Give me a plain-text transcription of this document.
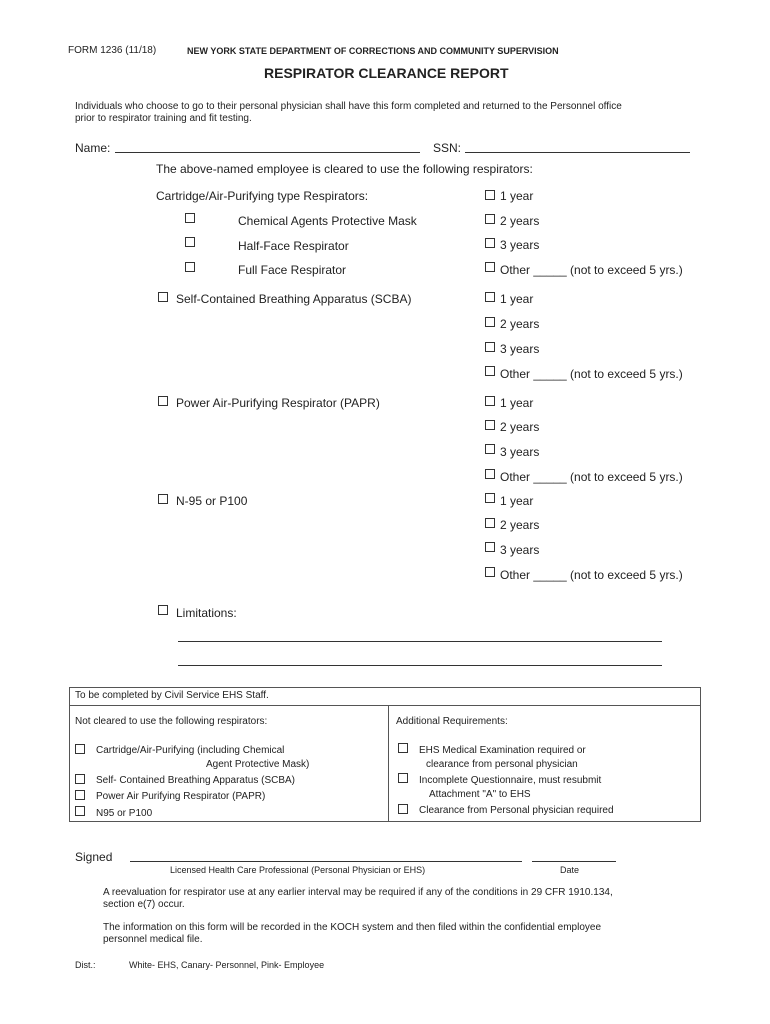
FORM 1236 (11/18)	NEW YORK STATE DEPARTMENT OF CORRECTIONS AND COMMUNITY SUPERVISION
RESPIRATOR CLEARANCE REPORT
Individuals who choose to go to their personal physician shall have this form completed and returned to the Personnel office
prior to respirator training and fit testing.
Name:	SSN:
The above-named employee is cleared to use the following respirators:
Cartridge/Air-Purifying type Respirators:
Chemical Agents Protective Mask
Half-Face Respirator
Full Face Respirator
1 year
2 years
3 years
Other _____ (not to exceed 5 yrs.)
Self-Contained Breathing Apparatus (SCBA)	1 year
2 years
3 years
Other _____ (not to exceed 5 yrs.)
Power Air-Purifying Respirator (PAPR)	1 year
2 years
3 years
Other _____ (not to exceed 5 yrs.)
N-95 or P100	1 year
2 years
3 years
Other _____ (not to exceed 5 yrs.)
Limitations:
To be completed by Civil Service EHS Staff.
Not cleared to use the following respirators:	Additional Requirements:
Cartridge/Air-Purifying (including Chemical
Agent Protective Mask)
Self- Contained Breathing Apparatus (SCBA)
Power Air Purifying Respirator (PAPR)
N95 or P100
EHS Medical Examination required or
clearance from personal physician
Incomplete Questionnaire, must resubmit
Attachment "A" to EHS
Clearance from Personal physician required
Signed
Licensed Health Care Professional (Personal Physician or EHS)	Date
A reevaluation for respirator use at any earlier interval may be required if any of the conditions in 29 CFR 1910.134,
section e(7) occur.
The information on this form will be recorded in the KOCH system and then filed within the confidential employee
personnel medical file.
Dist.:	White- EHS, Canary- Personnel, Pink- Employee
